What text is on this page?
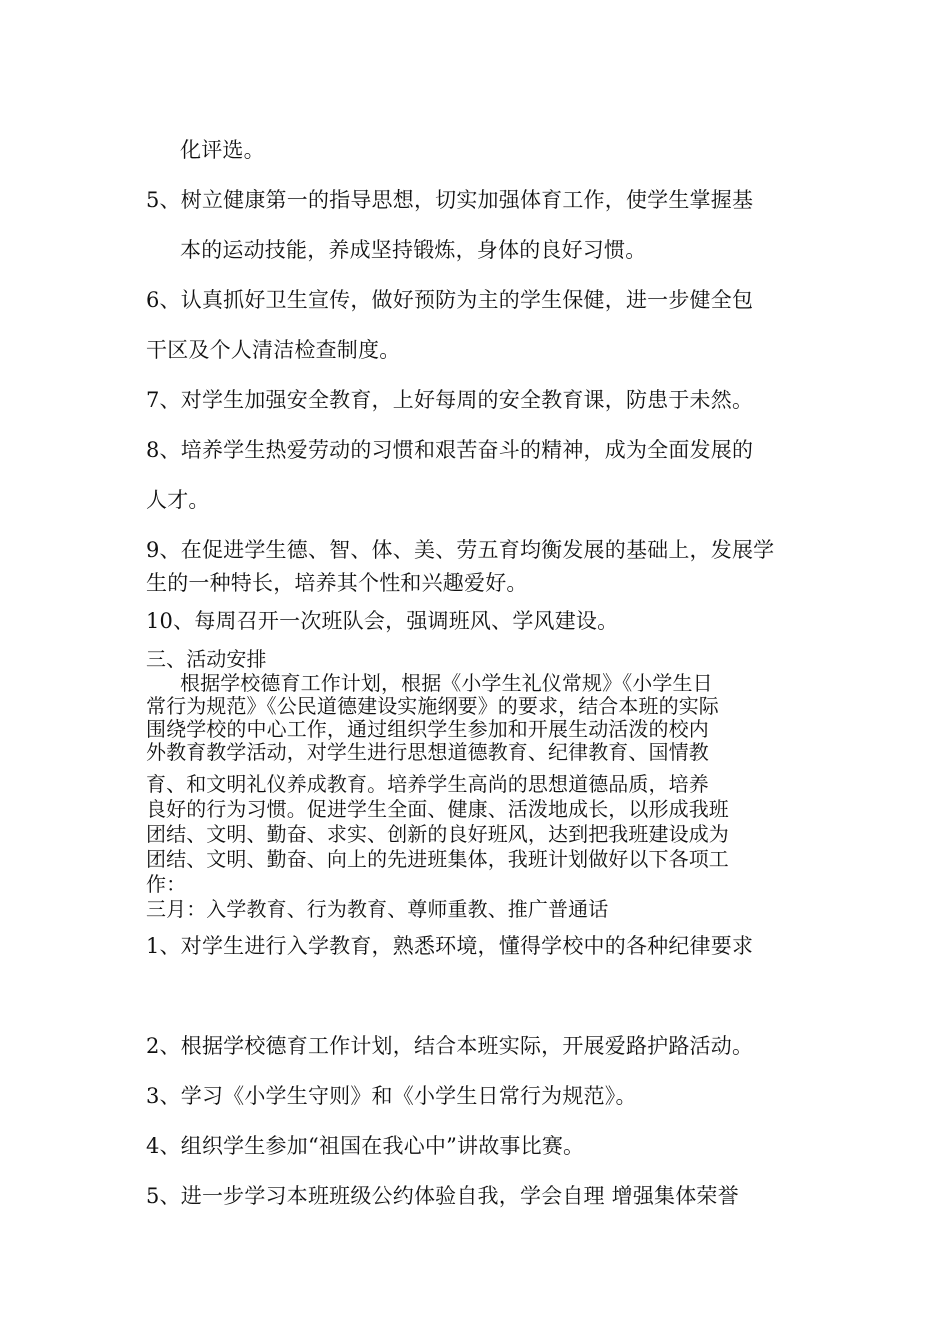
化评选。
5、树立健康第一的指导思想，切实加强体育工作，使学生掌握基
本的运动技能，养成坚持锻炼，身体的良好习惯。
6、认真抓好卫生宣传，做好预防为主的学生保健，进一步健全包
干区及个人清洁检查制度。
7、对学生加强安全教育，上好每周的安全教育课，防患于未然。
8、培养学生热爱劳动的习惯和艰苦奋斗的精神，成为全面发展的
人才。
9、在促进学生德、智、体、美、劳五育均衡发展的基础上，发展学
生的一种特长，培养其个性和兴趣爱好。
10、每周召开一次班队会，强调班风、学风建设。
三、活动安排
根据学校德育工作计划，根据《小学生礼仪常规》《小学生日
常行为规范》《公民道德建设实施纲要》的要求，结合本班的实际
围绕学校的中心工作，通过组织学生参加和开展生动活泼的校内
外教育教学活动，对学生进行思想道德教育、纪律教育、国情教
育、和文明礼仪养成教育。培养学生高尚的思想道德品质，培养
良好的行为习惯。促进学生全面、健康、活泼地成长，以形成我班
团结、文明、勤奋、求实、创新的良好班风，达到把我班建设成为
团结、文明、勤奋、向上的先进班集体，我班计划做好以下各项工
作：
三月：入学教育、行为教育、尊师重教、推广普通话
1、对学生进行入学教育，熟悉环境，懂得学校中的各种纪律要求
2、根据学校德育工作计划，结合本班实际，开展爱路护路活动。
3、学习《小学生守则》和《小学生日常行为规范》。
4、组织学生参加“祖国在我心中”讲故事比赛。
5、进一步学习本班班级公约体验自我，学会自理 增强集体荣誉
